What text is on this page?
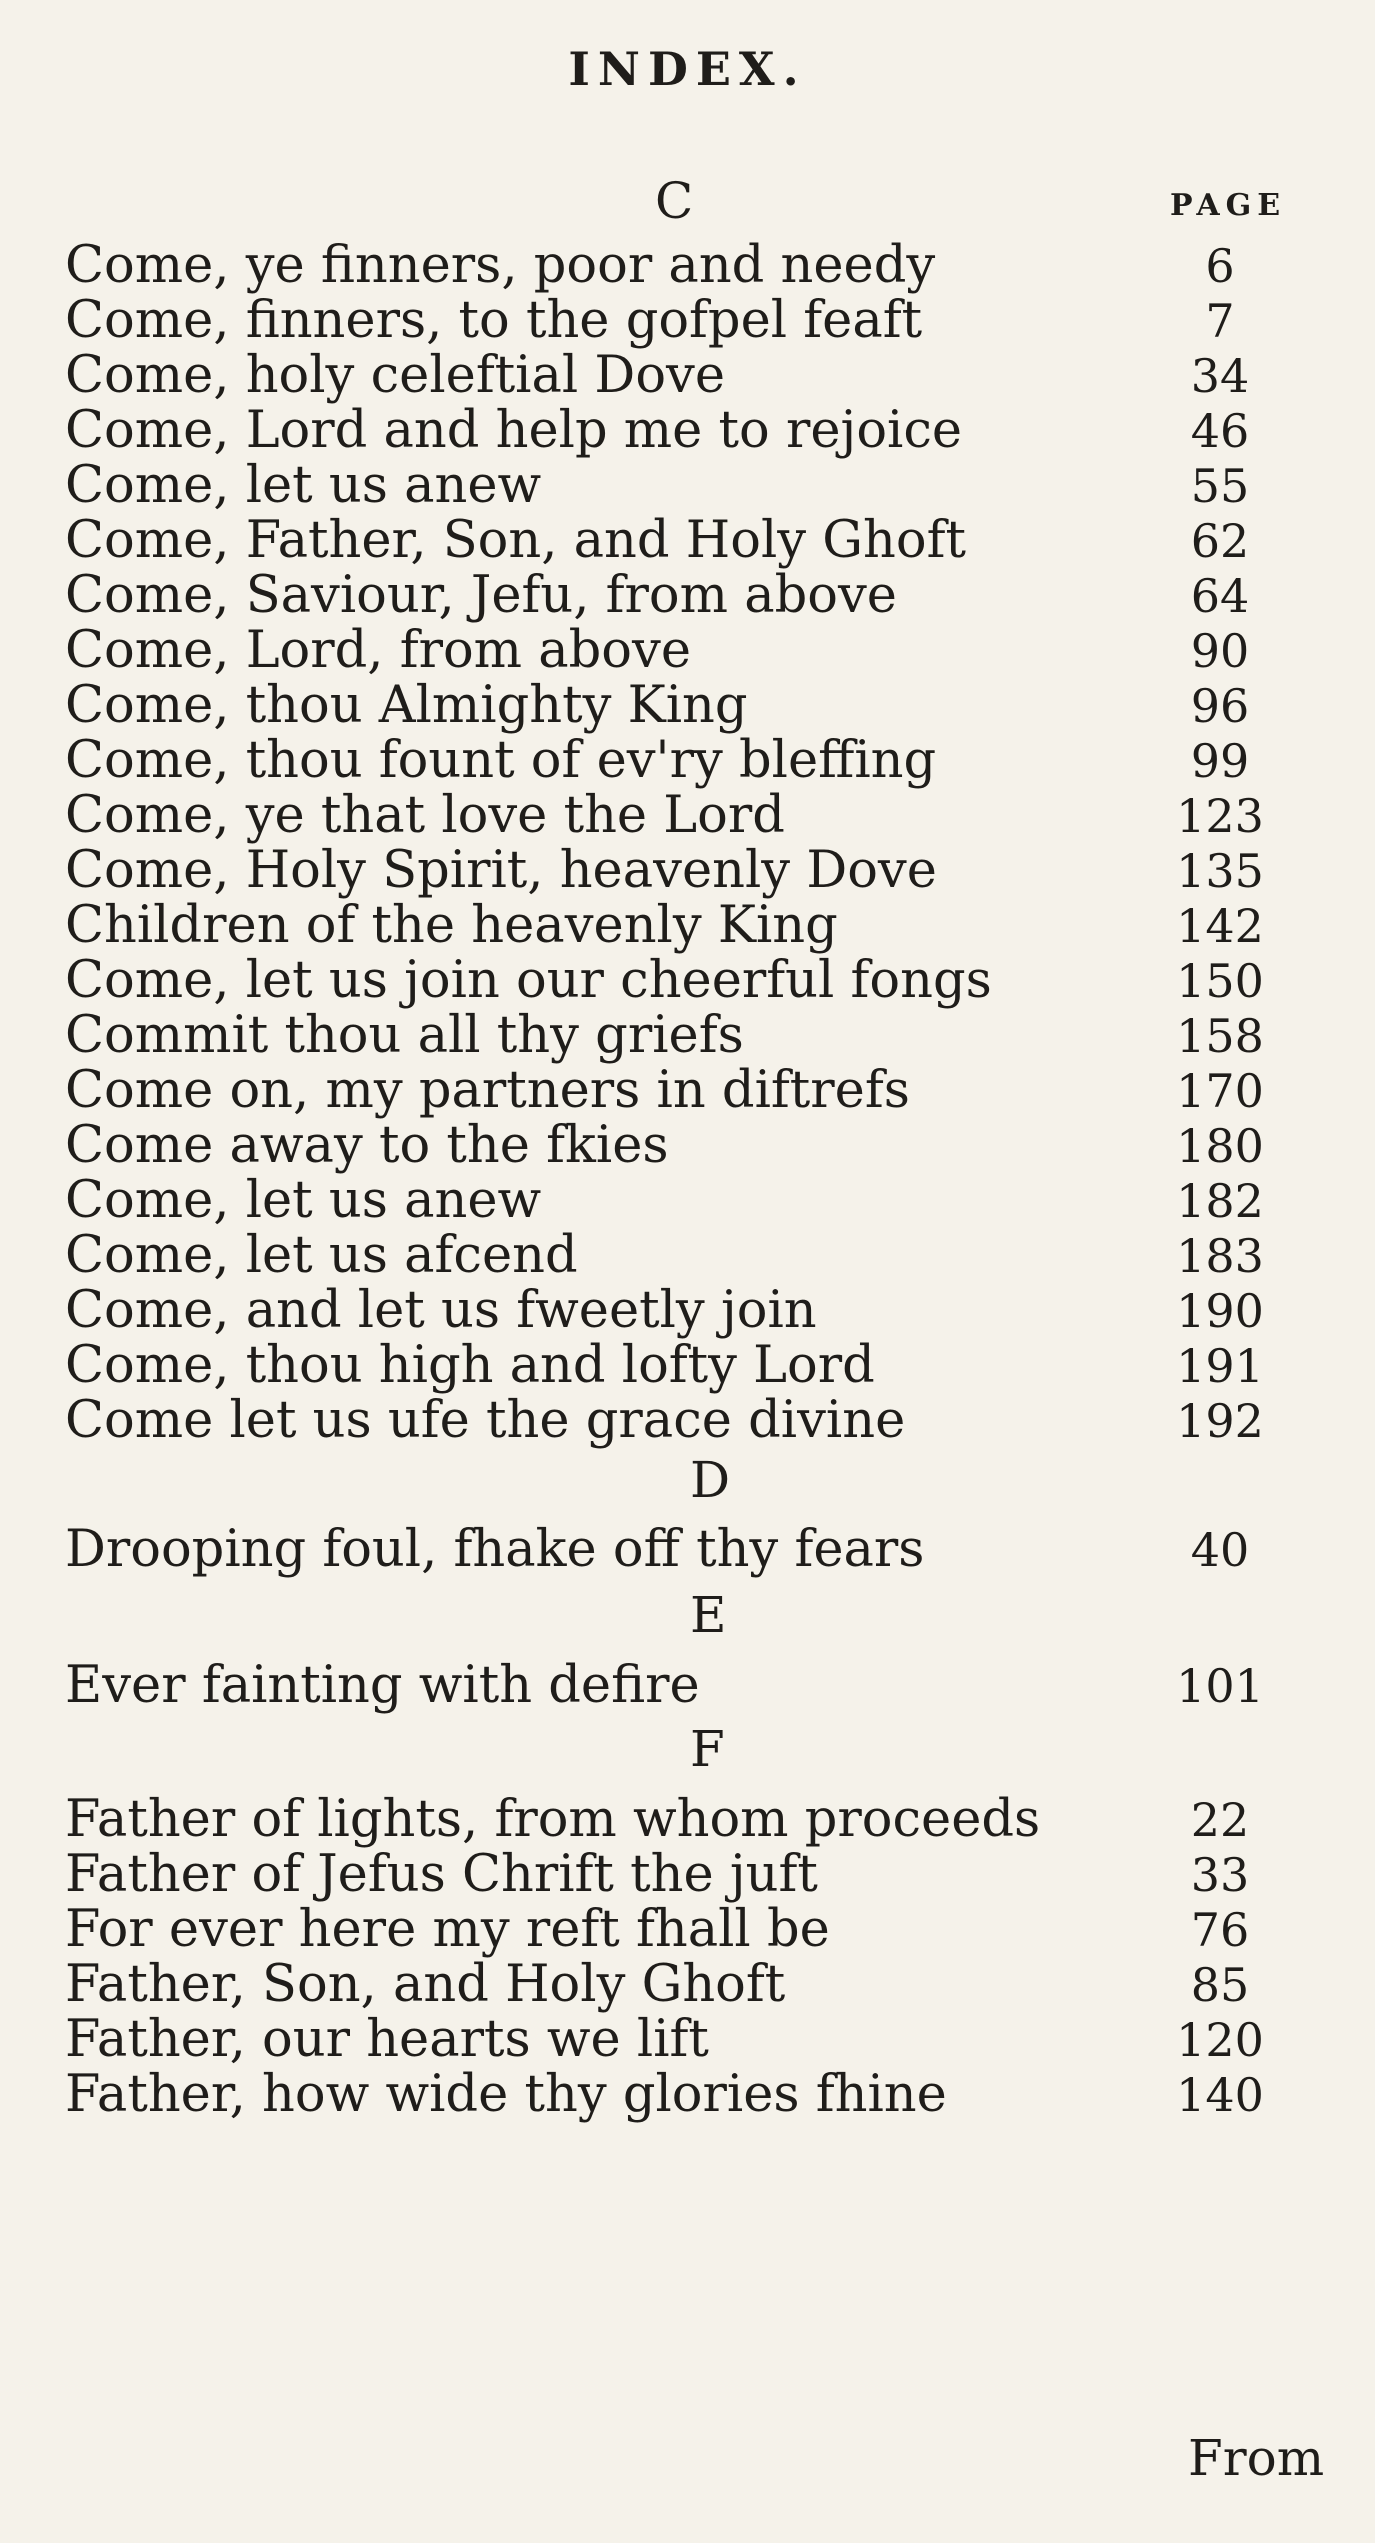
INDEX.
C	PAGE
Come, ye finners, poor and needy	6
Come, finners, to the gofpel feaft	7
Come, holy celeftial Dove	34
Come, Lord and help me to rejoice	46
Come, let us anew	55
Come, Father, Son, and Holy Ghoft	62
Come, Saviour, Jefu, from above	64
Come, Lord, from above	90
Come, thou Almighty King	96
Come, thou fount of ev'ry bleffing	99
Come, ye that love the Lord	123
Come, Holy Spirit, heavenly Dove	135
Children of the heavenly King	142
Come, let us join our cheerful fongs	150
Commit thou all thy griefs	158
Come on, my partners in diftrefs	170
Come away to the fkies	180
Come, let us anew	182
Come, let us afcend	183
Come, and let us fweetly join	190
Come, thou high and lofty Lord	191
Come let us ufe the grace divine	192
D
Drooping foul, fhake off thy fears	40
E
Ever fainting with defire	101
F
Father of lights, from whom proceeds	22
Father of Jefus Chrift the juft	33
For ever here my reft fhall be	76
Father, Son, and Holy Ghoft	85
Father, our hearts we lift	120
Father, how wide thy glories fhine	140
From
